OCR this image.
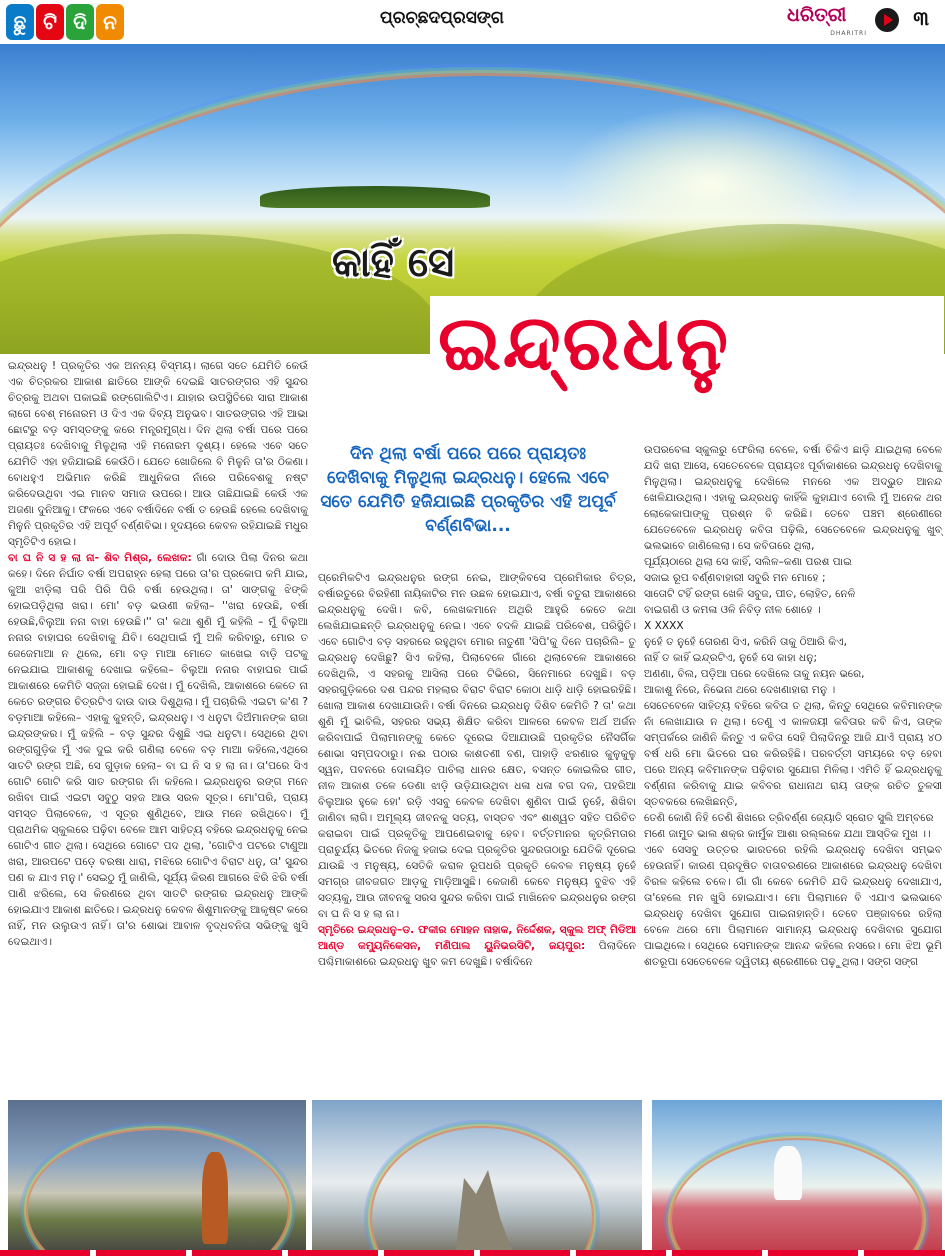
ଛୁ ଟି ଦି ନ	ପ୍ରଚ୍ଛଦପ୍ରସଙ୍ଗ	ଧରିତ୍ରୀ
DHARITRI
୩
କାହିଁ ସେ
ଇନ୍ଦ୍ରଧନୁ

ଇନ୍ଦ୍ରଧନୁ ! ପ୍ରକୃତିର ଏକ ଅନନ୍ୟ ବିସ୍ମୟ। ଲାଗେ ସତେ ଯେମିତି କେଉଁ ଏକ ଚିତ୍ରକର ଆକାଶ ଛାତିରେ ଆଙ୍କି ଦେଇଛି ସାତରଙ୍ଗର ଏହି ସୁନ୍ଦର ଚିତ୍ରକୁ ଅଥବା ପକାଇଛି ରଙ୍ଗୋଲିଟିଏ। ଯାହାର ଉପସ୍ଥିତିରେ ସାରା ଆକାଶ ଲାଗେ ବେଶ୍ ମନୋରମ ଓ ଦିଏ ଏକ ଦିବ୍ୟ ଅନୁଭବ। ସାତରଙ୍ଗର ଏହି ଆଭା ଛୋଟରୁ ବଡ଼ ସମସ୍ତଙ୍କୁ କରେ ମନ୍ତ୍ରମୁଗ୍ଧ। ଦିନ ଥିଲା ବର୍ଷା ପରେ ପରେ ପ୍ରାୟତଃ ଦେଖିବାକୁ ମିଳୁଥିଲା ଏହି ମନୋରମ ଦୃଶ୍ୟ। ହେଲେ ଏବେ ସତେ ଯେମିତି ଏହା ହଜିଯାଇଛି କେଉଁଠି। ଯେତେ ଖୋଜିଲେ ବି ମିଳୁନି ତା'ର ଠିକଣା। ବୋଧହୁଏ ଅଭିମାନ କରିଛି ଆଧୁନିକତା ନାଁରେ ପରିବେଶକୁ ନଷ୍ଟ କରିଦେଉଥିବା ଏଇ ମାନବ ସମାଜ ଉପରେ। ଆଉ ତାଛିଯାଇଛି କେଉଁ ଏକ ଅଜଣା ଦୁନିଆକୁ। ଫଳରେ ଏବେ ବର୍ଷାଦିନେ ବର୍ଷା ତ ହେଉଛି ହେଲେ ଦେଖିବାକୁ ମିଳୁନି ପ୍ରକୃତିର ଏହି ଅପୂର୍ବ ବର୍ଣ୍ଣବିଭା। ହୃଦୟରେ କେବଳ ରହିଯାଇଛି ମଧୁର ସ୍ମୃତିଟିଏ ହୋଇ।

ବା ଘ ନି ସ ହ ଲା ନା- ଶିବ ମିଶ୍ର, ଲେଖକ: ଗାଁ ଦୋଉ ପିଲା ଦିନର କଥା କହେ। ଦିନେ ନିର୍ଘାତ ବର୍ଷା ଅପରାହ୍ନ ହେଲା ପରେ ତା'ର ପ୍ରକୋପ କମି ଯାଇ, କୁଆ ଝାଡ଼ିଲା ପରି ପିରି ପିରି ବର୍ଷା ହେଉଥିଲା। ତା' ସାଙ୍ଗକୁ ଝିଙ୍କି ହୋଇପଡ଼ିଥିଲା ଖରା। ମୋ' ବଡ଼ ଭଉଣୀ କହିଲା– ''ଖରା ହେଉଛି, ବର୍ଷା ହେଉଛି,ବିଲୁଆ ନନା ବାହା ହେଉଛି।'' ତା' କଥା ଶୁଣି ମୁଁ କହିଲି – ମୁଁ ବିଲୁଆ ନନାର ବାହାଘର ଦେଖିବାକୁ ଯିବି। ସେଥିପାଇଁ ମୁଁ ଅଳି କରିବାରୁ, ମୋର ତ ଜେଜେମାଆ ନ ଥିଲେ, ମୋ ବଡ଼ ମାଆ ମୋତେ କାଖେଇ ବାଡ଼ି ପଟକୁ ନେଇଯାଇ ଆକାଶକୁ ଦେଖାଇ କହିଲେ– ବିଲୁଆ ନନାର ବାହାଘର ପାଇଁ ଆକାଶରେ କେମିତି ସଜ୍ଜା ହୋଇଛି ଦେଖ। ମୁଁ ଦେଖିଲି, ଆକାଶରେ କେତେ ନା କେତେ ରଙ୍ଗର ଚିତ୍ରଟିଏ ଦାଉ ଦାଉ ଦିଶୁଥିଲା। ମୁଁ ପଚାରିଲି ଏଇଟା କ'ଣ ? ବଡ଼ମାଆ କହିଲେ– ଏହାକୁ କୁହନ୍ତି, ଇନ୍ଦ୍ରଧନୁ। ଏ ଧନୁଟା ଦିଅଁମାନଙ୍କ ରାଜା ଇନ୍ଦ୍ରଙ୍କର। ମୁଁ କହିଲି – ବଡ଼ ସୁନ୍ଦର ଦିଶୁଛି ଏଇ ଧନୁଟା। ସେଥିରେ ଥିବା ରଙ୍ଗଗୁଡ଼ିକ ମୁଁ ଏକ ଦୁଇ କରି ଗଣିଲା ବେଳେ ବଡ଼ ମାଆ କହିଲେ,ଏଥିରେ ସାତଟି ରଙ୍ଗ ଅଛି, ସେ ଗୁଡ଼ାକ ହେଲା– ବା ଘ ନି ସ ହ ଲା ନା। ତା'ପରେ ସିଏ ଗୋଟି ଗୋଟି କରି ସାତ ରଙ୍ଗର ନାଁ କହିଲେ। ଇନ୍ଦ୍ରଧନୁର ରଙ୍ଗ ମନେ ରଖିବା ପାଇଁ ଏଇଟା ସବୁଠୁ ସହଜ ଆଉ ସରଳ ସୂତ୍ର। ମୋ'ପରି, ପ୍ରାୟ ସମସ୍ତ ପିଲାବେଳେ, ଏ ସୂତ୍ର ଶୁଣିଥିବେ, ଆଉ ମନେ ରଖିଥିବେ। ମୁଁ ପ୍ରାଥମିକ ସ୍କୁଲରେ ପଢ଼ିବା ବେଳେ ଆମ ସାହିତ୍ୟ ବହିରେ ଇନ୍ଦ୍ରଧନୁକୁ ନେଇ ଗୋଟିଏ ଗୀତ ଥିଲା। ସେଥିରେ ଗୋଟେ ପଦ ଥିଲା, 'ଗୋଟିଏ ପଟରେ ଟାଣୁଆ ଖରା, ଆରପଟେ ପଡ଼େ ବରଷା ଧାରା, ମଝିରେ ଗୋଟିଏ ବିରାଟ ଧନୁ, ତା' ସୁନ୍ଦର ପଣ କ ଯାଏ ମନୁ।' ସେଇଠୁ ମୁଁ ଜାଣିଲି, ସୂର୍ଯ୍ୟ କିରଣ ଆଗରେ ଝିରି ଝିରି ବର୍ଷା ପାଣି ଝରିଲେ, ସେ କିରଣରେ ଥିବା ସାତଟି ରଙ୍ଗର ଇନ୍ଦ୍ରଧନୁ ଆଙ୍କି ହୋଇଯାଏ ଆକାଶ ଛାତିରେ। ଇନ୍ଦ୍ରଧନୁ କେବଳ ଶିଶୁମାନଙ୍କୁ ଆକୃଷ୍ଟ କରେ ନାହିଁ, ମନ ଉଲୁଉଏ ନାହିଁ। ତା'ର ଶୋଭା ଆବାଳ ବୃଦ୍ଧବନିତା ସଭିଙ୍କୁ ଖୁସି ଦେଇଥାଏ।

ଦିନ ଥିଲା ବର୍ଷା ପରେ ପରେ ପ୍ରାୟତଃ ଦେଖିବାକୁ ମିଳୁଥିଲା ଇନ୍ଦ୍ରଧନୁ। ହେଲେ ଏବେ ସତେ ଯେମିତି ହଜିଯାଇଛି ପ୍ରକୃତିର ଏହି ଅପୂର୍ବ ବର୍ଣ୍ଣବିଭା...

ପ୍ରେମିକଟିଏ ଇନ୍ଦ୍ରଧନୁର ରଙ୍ଗ ନେଇ, ଆଙ୍କିବସେ ପ୍ରେମିକାର ଚିତ୍ର, ବର୍ଷାରତୁରେ ବିରହିଣୀ ନାୟିକାଟିର ମନ ଉଛଳ ହୋଇଯାଏ, ବର୍ଷା ବତୁରା ଆକାଶରେ ଇନ୍ଦ୍ରଧନୁକୁ ଦେଖି। କବି, ଲେଖକମାନେ ଅଥିରି ଆହୁରି କେତେ କଥା ଲେଖିଯାଇଛନ୍ତି ଇନ୍ଦ୍ରଧନୁକୁ ନେଇ। ଏବେ ବଦଳି ଯାଇଛି ପରିବେଶ, ପରିସ୍ଥିତି। ଏବେ ଗୋଟିଏ ବଡ଼ ସହରରେ ରହୁଥିବା ମୋର ନାତୁଣୀ 'ସିପି'କୁ ଦିନେ ପଚାରିଲି– ତୁ ଇନ୍ଦ୍ରଧନୁ ଦେଖିଛୁ? ସିଏ କହିଲା, ପିଲାବେଳେ ଗାଁରେ ଥିଲାବେଳେ ଆକାଶରେ ଦେଖିଥିଲି, ଏ ସହରକୁ ଆସିଲା ପରେ ଟିଭିରେ, ସିନେମାରେ ଦେଖୁଛି। ବଡ଼ ସହରଗୁଡ଼ିକରେ ଦଶ ପନ୍ଦର ମହଲାର ବିରାଟ ବିରାଟ କୋଠା ଧାଡ଼ି ଧାଡ଼ି ହୋଇରହିଛି। ଖୋଲା ଆକାଶ ଦେଖାଯାଉନି। ବର୍ଷା ଦିନରେ ଇନ୍ଦ୍ରଧନୁ ଦିଶିବ କେମିତି ? ତା' କଥା ଶୁଣି ମୁଁ ଭାବିଲି, ସହରର ସଭ୍ୟ ଶିକ୍ଷିତ କରିବା ଆଳରେ କେବଳ ଅର୍ଥ ଅର୍ଜନ କରିବାପାଇଁ ପିଲାମାନଙ୍କୁ କେତେ ଦୂରେଇ ଦିଆଯାଉଛି ପ୍ରକୃତିର ନୈସର୍ଗିକ ଶୋଭା ସମ୍ପଦଠାରୁ। ନଈ ପଠାର କାଶତଣୀ ବଣ, ପାହାଡ଼ି ଝରଣାର କୁଳୁକୁଳୁ ସ୍ୱନ, ପବନରେ ଦୋଳାୟିତ ପାଚିଲା ଧାନର କ୍ଷେତ, ବସନ୍ତ କୋଇଲିର ଗୀତ, ନୀଳ ଆକାଶ ତଳେ ଡେଣା ଝାଡ଼ି ଉଡ଼ିଯାଉଥିବା ଧଳା ଧଳା ବଗ ଦଳ, ପହରିଆ ବିଲୁଆର ହୁକେ ହୋ' ରଡ଼ି ଏସବୁ କେବଳ ଦେଖିବା ଶୁଣିବା ପାଇଁ ନୁହେଁ, ଶିଖିବା ଜାଣିବା ଲାଗି। ଅମୂଲ୍ୟ ଜୀବନକୁ ସତ୍ୟ, ବାସ୍ତବ ଏବଂ ଶାଶ୍ୱତ ସହିତ ପରିଚିତ କରାଇବା ପାଇଁ ପ୍ରକୃତିକୁ ଆପଣେଇବାକୁ ହେବ। ବର୍ତ୍ତମାନର କୃତ୍ରିମତାର ପ୍ରାଚୁର୍ଯ୍ୟ ଭିତରେ ନିଜକୁ ହଜାଇ ଦେଇ ପ୍ରକୃତିର ସୁନ୍ଦରତାଠାରୁ ଯେତିକି ଦୂରେଇ ଯାଉଛି ଏ ମନୁଷ୍ୟ, ସେତିକି କରାଳ ରୂପଧରି ପ୍ରକୃତି କେବଳ ମନୁଷ୍ୟ ନୁହେଁ ସମଗ୍ର ଜୀବଜଗତ ଆଡ଼କୁ ମାଡ଼ିଆସୁଛି। କେଜାଣି କେବେ ମନୁଷ୍ୟ ବୁଝିବ ଏହି ସତ୍ୟକୁ, ଆଉ ଜୀବନକୁ ସରସ ସୁନ୍ଦର କରିବା ପାଇଁ ମାଖିନେବ ଇନ୍ଦ୍ରଧନୁର ରଙ୍ଗ ବା ଘ ନି ସ ହ ଲା ନା।

ସ୍ମୃତିରେ ଇନ୍ଦ୍ରଧନୁ–ଡ. ଫକୀର ମୋହନ ନାହାକ, ନିର୍ଦ୍ଦେଶକ, ସ୍କୁଲ ଅଫ୍ ମିଡିଆ ଆଣ୍ଡ କମ୍ୟୁନିକେସନ, ମଣିପାଲ ୟୁନିଭରସିଟି, ଜୟପୁର: ପିଲାଦିନେ ପଶ୍ଚିମାକାଶରେ ଇନ୍ଦ୍ରଧନୁ ଖୁବ କମ ଦେଖୁଛି। ବର୍ଷାଦିନେ

ଉପରବେଳା ସ୍କୁଲରୁ ଫେରିଲା ବେଳେ, ବର୍ଷା ଚିକିଏ ଛାଡ଼ି ଯାଇଥିଲା ବେଳେ ଯଦି ଖରା ଆସେ, ସେତେବେଳେ ପ୍ରାୟତଃ ପୂର୍ବାକାଶରେ ଇନ୍ଦ୍ରଧନୁ ଦେଖିବାକୁ ମିଳୁଥିଲା। ଇନ୍ଦ୍ରଧନୁକୁ ଦେଖିଲେ ମନରେ ଏକ ଅଦ୍ଭୁତ ଆନନ୍ଦ ଖେଳିଯାଉଥିଲା। ଏହାକୁ ଇନ୍ଦ୍ରଧନୁ କାହିଁକି କୁହାଯାଏ ବୋଲି ମୁଁ ଅନେକ ଥର ଲୋକେକାପାଙ୍କୁ ପ୍ରଶ୍ନ ବି କରିଛି। ତେବେ ପଞ୍ଚମ ଶ୍ରେଣୀରେ ଯେତେବେଳେ ଇନ୍ଦ୍ରଧନୁ କବିତା ପଢ଼ିଲି, ସେତେବେଳେ ଇନ୍ଦ୍ରଧନୁକୁ ଖୁବ୍ ଭଲଭାବେ ଜାଣିଲେଲା। ସେ କବିତାରେ ଥିଲା,

ପୂର୍ଯ୍ୟଠାରେ ଥିଲା ସେ କାହିଁ, ସଲିଳ–କଣା ପରଶ ପାଇ
ସଜାଇ ରୂପ ବର୍ଣ୍ଣବାହାରୀ ସବୁରି ମନ ମୋହେ ;

ସାତୋଟି ଟହିଁ ରଙ୍ଗ ଖେଳି ସବୁଜ, ପୀତ, ଲୋହିତ, ନେଳି
ବାଇଗଣି ଓ କମଳା ଓଳି ନିବିଡ଼ ନୀଳ ଶୋହେ ।
X XXXX
ନୁହେଁ ତ ନୁହେଁ ତୋରଣ ସିଏ, କରିନି ତାକୁ ଠିଆରି କିଏ,
ନାହିଁ ତ କାହିଁ ଇନ୍ଦ୍ରଟିଏ, ନୁହେଁ ସେ କାହା ଧନୁ;
ଅଣଣା, ବିଲ, ପଡ଼ିଆ ପରେ ଦେଖିଲେ ତାକୁ ନୟନ ଭରେ,
ଆକାଶୁ ନିରେ, ନିଭେନା ଥରେ ଦେଖଣାହାରା ମନୁ ।

ସେତେବେଳେ ସାହିତ୍ୟ ବହିରେ କବିତା ତ ଥିଲା, କିନ୍ତୁ ସେଥିରେ କବିମାନଙ୍କ ନାଁ ଲେଖାଯାଉ ନ ଥିଲା। ତେଣୁ ଏ କାଳଜୟୀ କବିତାର କବି କିଏ, ତାଙ୍କ ସମ୍ପର୍କରେ ଜାଣିନି କିନ୍ତୁ ଏ କବିତା ସେହି ପିଲାଦିନରୁ ଆଜି ଯାଏଁ ପ୍ରାୟ ୪୦ ବର୍ଷ ଧରି ମୋ ଭିତରେ ଘର କରିରହିଛି। ପରବର୍ତ୍ତୀ ସମୟରେ ବଡ଼ ହେବା ପରେ ଅନ୍ୟ କବିମାନଙ୍କ ପଢ଼ିବାର ସୁଯୋଗ ମିଳିଲା। ଏମିତି ହିଁ ଇନ୍ଦ୍ରଧନୁକୁ ବର୍ଣ୍ଣନା କରିବାକୁ ଯାଇ କବିବର ରାଧାନାଥ ରାୟ ତାଙ୍କ ରଚିତ ତୁଳସୀ ସ୍ତବକରେ ଲେଖିଛନ୍ତି,

ତେଣି କୋଣି ନିହି ତେଣି ଶିଖରେ ତ୍ରିବର୍ଣ୍ଣ ଜ୍ୟୋତି ସ୍ରୋତ ସୁଲି ଅମ୍ବରେ
ମଣେ ଜାମୁତ ଭାଲ ଶକ୍ର କାର୍ମୁକ ଆଶା ରଲ୍ଲକେ ଯଥା ଆସ୍ତିକ ମୁଖ ।।

ଏବେ ସେସବୁ ଉତ୍ତର ଭାରତରେ ରହିଲି ଇନ୍ଦ୍ରଧନୁ ଦେଖିବା ସମ୍ଭବ ହେଉନାହିଁ। କାରଣ ପ୍ରଦୂଷିତ ବାତାବରଣରେ ଆକାଶରେ ଇନ୍ଦ୍ରଧନୁ ଦେଖିବା ବିରଳ କହିଲେ ଚଳେ। ଗାଁ ଗାଁ କେବେ କେମିତି ଯଦି ଇନ୍ଦ୍ରଧନୁ ଦେଖାଯାଏ, ତା'ହେଲେ ମନ ଖୁସି ହୋଇଯାଏ। ମୋ ପିଲାମାନେ ବି ଏଯାଏ ଭଲଭାବେ ଇନ୍ଦ୍ରଧନୁ ଦେଖିବା ସୁଯୋଗ ପାଇନାହାନ୍ତି। ତେବେ ପଞ୍ଜାବରେ ରହିଲା ବେଳେ ଥରେ ମୋ ପିଲାମାନେ ସାମାନ୍ୟ ଇନ୍ଦ୍ରଧନୁ ଦେଖିବାର ସୁଯୋଗ ପାଇଥିଲେ। ସେଥିରେ ସେମାନଙ୍କ ଆନନ୍ଦ କହିଲେ ନସରେ। ମୋ ଝିଅ ଭୂମି ଶତରୂପା ସେତେବେଳେ ଦ୍ୱିତୀୟ ଶ୍ରେଣୀରେ ପଢ଼ୁଥିଲା। ସଙ୍ଗ ସଙ୍ଗ
